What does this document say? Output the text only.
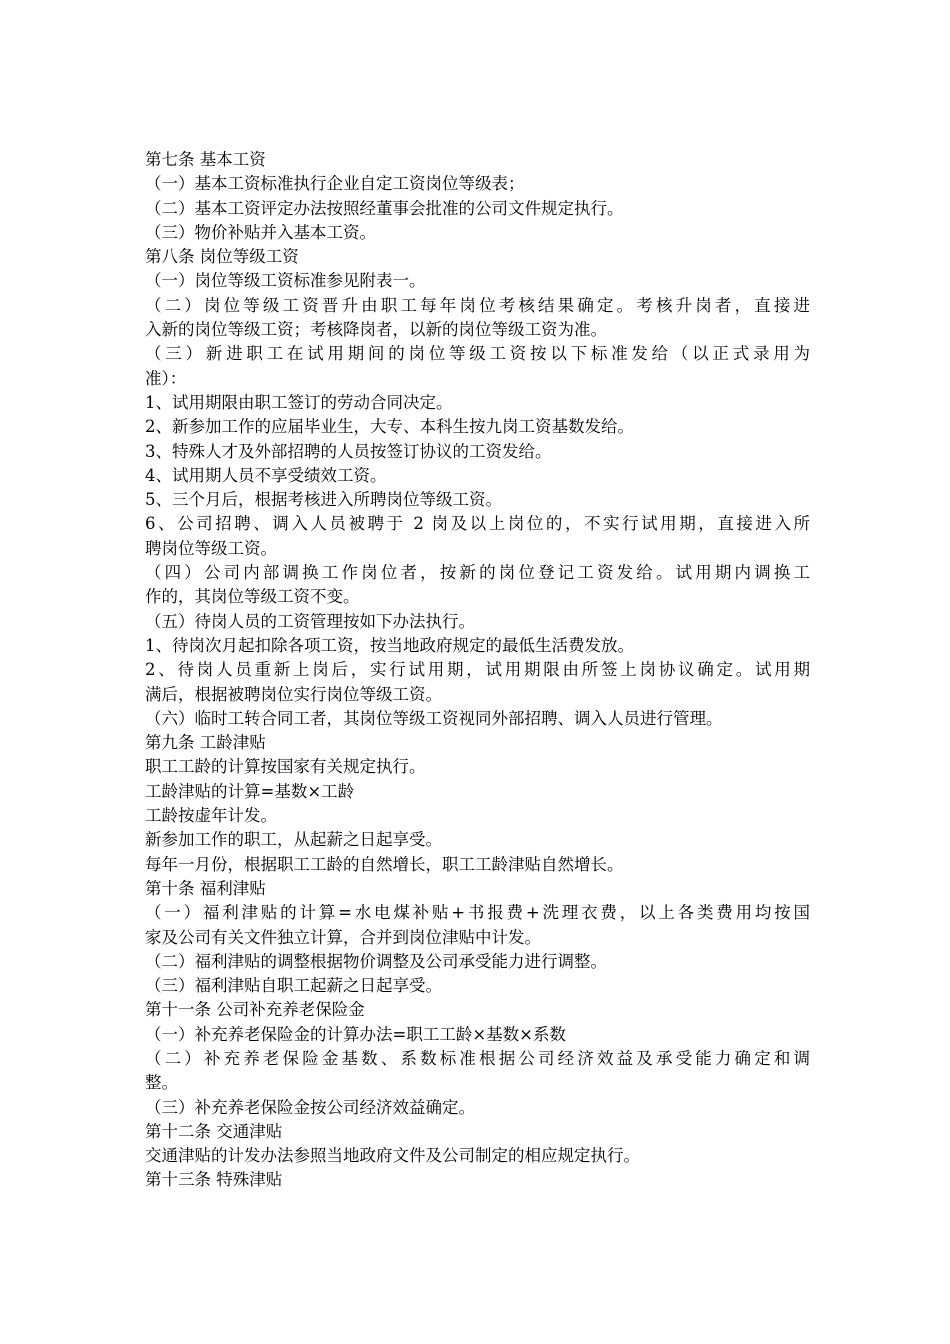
第七条 基本工资
（一）基本工资标准执行企业自定工资岗位等级表；
（二）基本工资评定办法按照经董事会批准的公司文件规定执行。
（三）物价补贴并入基本工资。
第八条 岗位等级工资
（一）岗位等级工资标准参见附表一。
（二）岗位等级工资晋升由职工每年岗位考核结果确定。考核升岗者，直接进
入新的岗位等级工资；考核降岗者，以新的岗位等级工资为准。
（三）新进职工在试用期间的岗位等级工资按以下标准发给（以正式录用为
准）：
1、试用期限由职工签订的劳动合同决定。
2、新参加工作的应届毕业生，大专、本科生按九岗工资基数发给。
3、特殊人才及外部招聘的人员按签订协议的工资发给。
4、试用期人员不享受绩效工资。
5、三个月后，根据考核进入所聘岗位等级工资。
6、公司招聘、调入人员被聘于 2 岗及以上岗位的，不实行试用期，直接进入所
聘岗位等级工资。
（四）公司内部调换工作岗位者，按新的岗位登记工资发给。试用期内调换工
作的，其岗位等级工资不变。
（五）待岗人员的工资管理按如下办法执行。
1、待岗次月起扣除各项工资，按当地政府规定的最低生活费发放。
2、待岗人员重新上岗后，实行试用期，试用期限由所签上岗协议确定。试用期
满后，根据被聘岗位实行岗位等级工资。
（六）临时工转合同工者，其岗位等级工资视同外部招聘、调入人员进行管理。
第九条 工龄津贴
职工工龄的计算按国家有关规定执行。
工龄津贴的计算=基数×工龄
工龄按虚年计发。
新参加工作的职工，从起薪之日起享受。
每年一月份，根据职工工龄的自然增长，职工工龄津贴自然增长。
第十条 福利津贴
（一）福利津贴的计算=水电煤补贴+书报费+洗理衣费，以上各类费用均按国
家及公司有关文件独立计算，合并到岗位津贴中计发。
（二）福利津贴的调整根据物价调整及公司承受能力进行调整。
（三）福利津贴自职工起薪之日起享受。
第十一条 公司补充养老保险金
（一）补充养老保险金的计算办法=职工工龄×基数×系数
（二）补充养老保险金基数、系数标准根据公司经济效益及承受能力确定和调
整。
（三）补充养老保险金按公司经济效益确定。
第十二条 交通津贴
交通津贴的计发办法参照当地政府文件及公司制定的相应规定执行。
第十三条 特殊津贴
